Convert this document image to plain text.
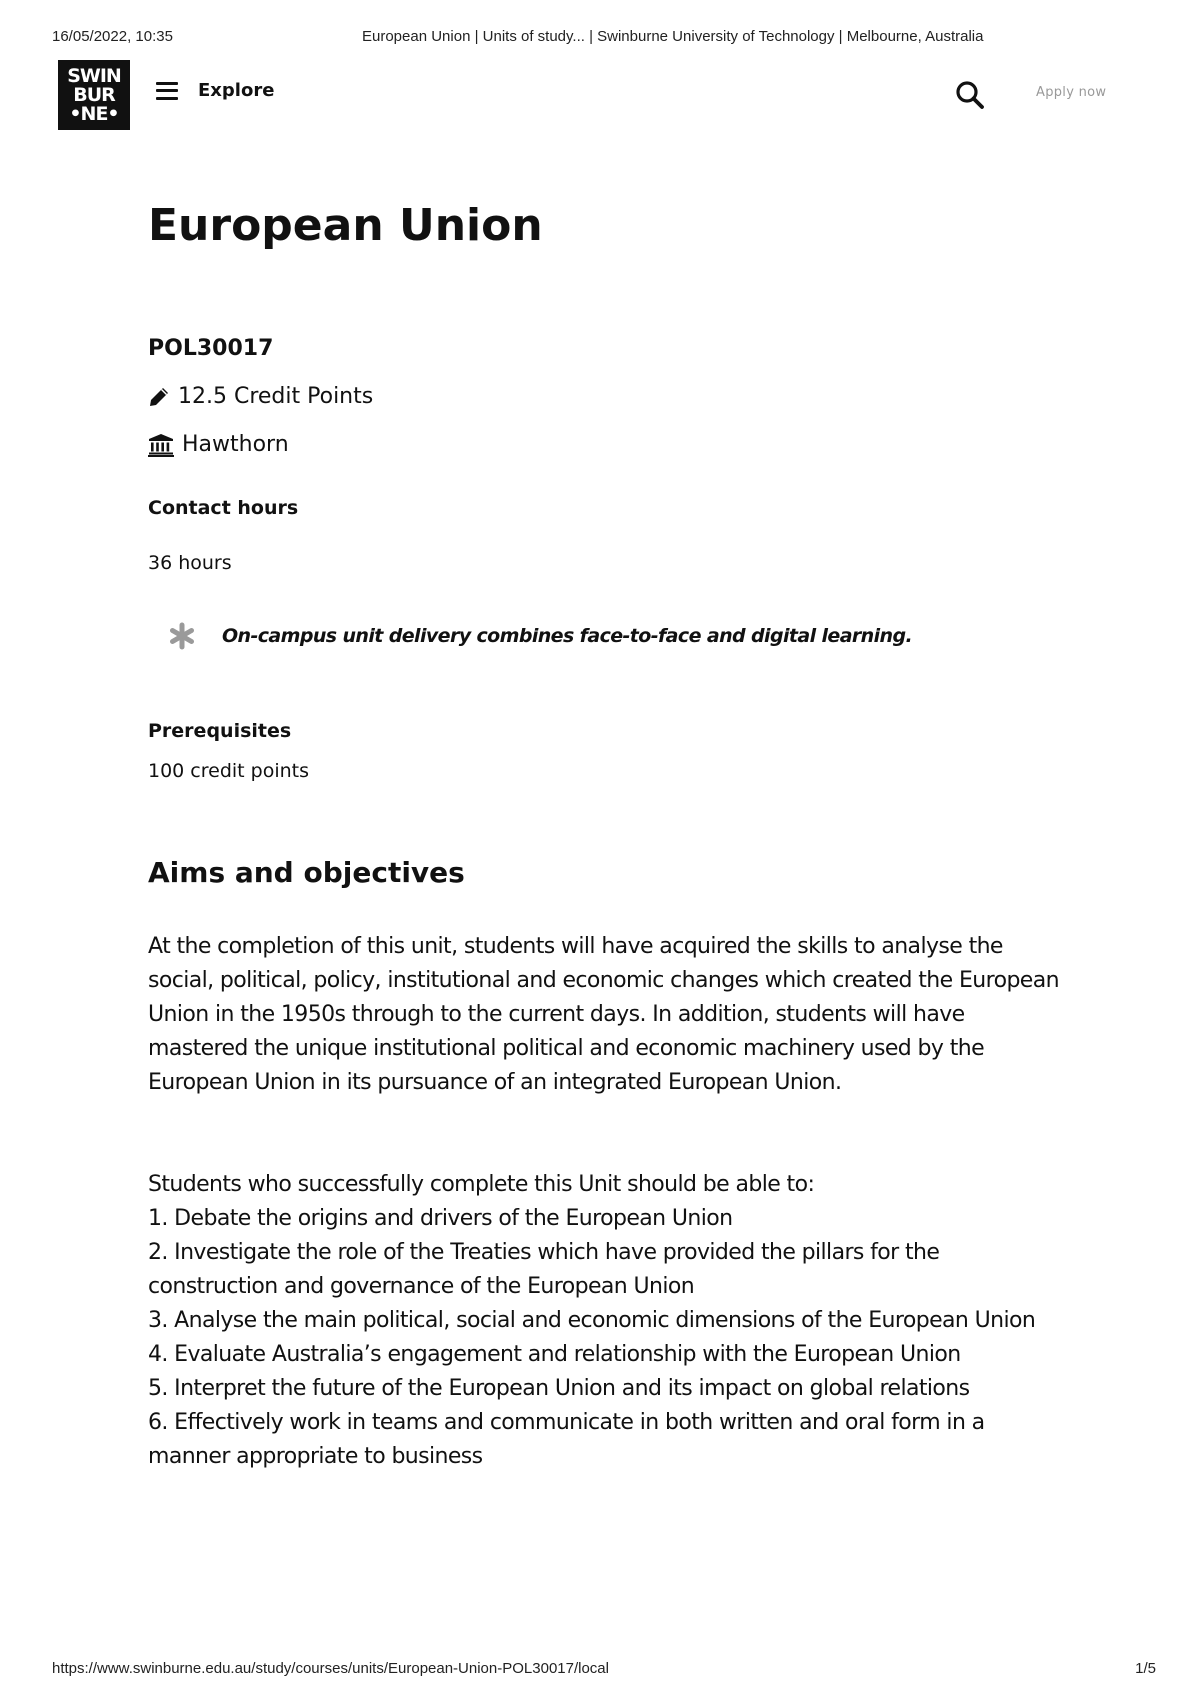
16/05/2022, 10:35	European Union | Units of study... | Swinburne University of Technology | Melbourne, Australia
SWIN
BUR
•NE•
Explore	Apply now
European Union
POL30017
12.5 Credit Points
Hawthorn
Contact hours
36 hours
On-campus unit delivery combines face-to-face and digital learning.
Prerequisites
100 credit points
Aims and objectives

At the completion of this unit, students will have acquired the skills to analyse the social, political, policy, institutional and economic changes which created the European Union in the 1950s through to the current days. In addition, students will have mastered the unique institutional political and economic machinery used by the European Union in its pursuance of an integrated European Union.

Students who successfully complete this Unit should be able to:
1. Debate the origins and drivers of the European Union
2. Investigate the role of the Treaties which have provided the pillars for the construction and governance of the European Union
3. Analyse the main political, social and economic dimensions of the European Union
4. Evaluate Australia’s engagement and relationship with the European Union
5. Interpret the future of the European Union and its impact on global relations
6. Effectively work in teams and communicate in both written and oral form in a manner appropriate to business
https://www.swinburne.edu.au/study/courses/units/European-Union-POL30017/local	1/5
